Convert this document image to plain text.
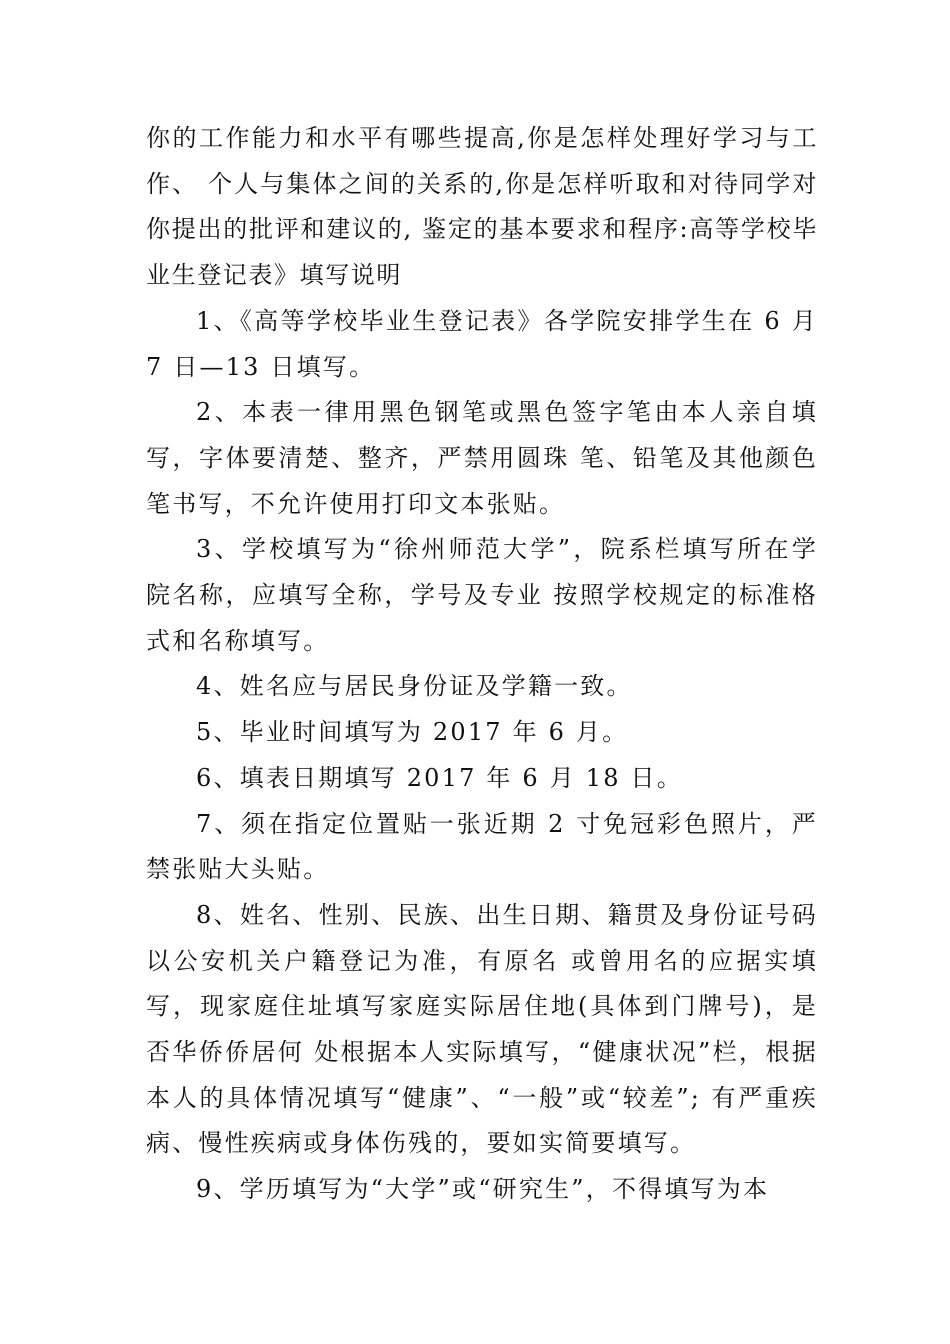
你的工作能力和水平有哪些提高,你是怎样处理好学习与工作、 个人与集体之间的关系的,你是怎样听取和对待同学对你提出的批评和建议的, 鉴定的基本要求和程序:高等学校毕业生登记表》填写说明

1、《高等学校毕业生登记表》各学院安排学生在 6 月 7 日—13 日填写。

2、本表一律用黑色钢笔或黑色签字笔由本人亲自填写，字体要清楚、整齐，严禁用圆珠 笔、铅笔及其他颜色笔书写，不允许使用打印文本张贴。

3、学校填写为“徐州师范大学”，院系栏填写所在学院名称，应填写全称，学号及专业 按照学校规定的标准格式和名称填写。

4、姓名应与居民身份证及学籍一致。

5、毕业时间填写为 2017 年 6 月。

6、填表日期填写 2017 年 6 月 18 日。

7、须在指定位置贴一张近期 2 寸免冠彩色照片，严禁张贴大头贴。

8、姓名、性别、民族、出生日期、籍贯及身份证号码以公安机关户籍登记为准，有原名 或曾用名的应据实填写，现家庭住址填写家庭实际居住地(具体到门牌号)，是否华侨侨居何 处根据本人实际填写，“健康状况”栏，根据本人的具体情况填写“健康”、“一般”或“较差”; 有严重疾病、慢性疾病或身体伤残的，要如实简要填写。

9、学历填写为“大学”或“研究生”，不得填写为本
